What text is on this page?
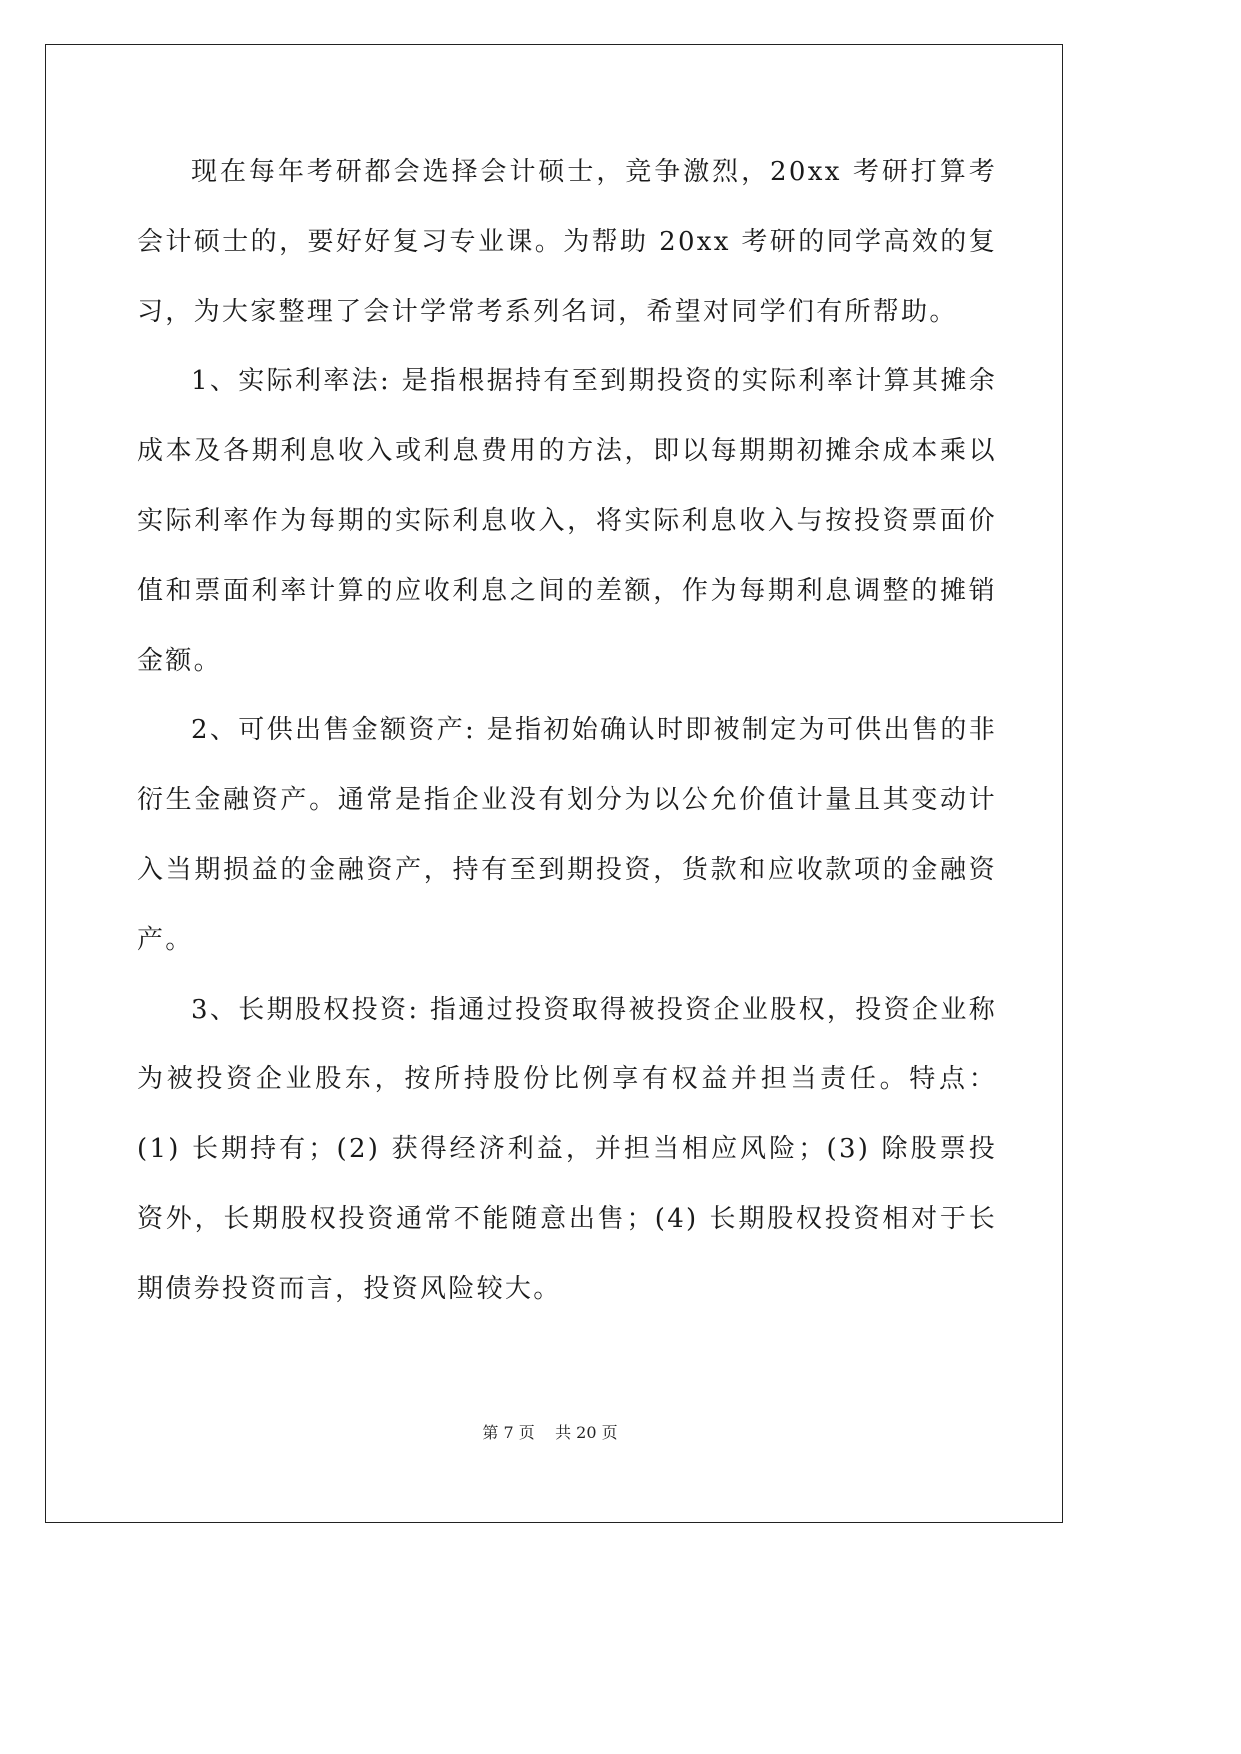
现在每年考研都会选择会计硕士，竞争激烈，20xx 考研打算考会计硕士的，要好好复习专业课。为帮助 20xx 考研的同学高效的复习，为大家整理了会计学常考系列名词，希望对同学们有所帮助。

1、实际利率法: 是指根据持有至到期投资的实际利率计算其摊余成本及各期利息收入或利息费用的方法，即以每期期初摊余成本乘以实际利率作为每期的实际利息收入，将实际利息收入与按投资票面价值和票面利率计算的应收利息之间的差额，作为每期利息调整的摊销金额。

2、可供出售金额资产: 是指初始确认时即被制定为可供出售的非衍生金融资产。通常是指企业没有划分为以公允价值计量且其变动计入当期损益的金融资产，持有至到期投资，货款和应收款项的金融资产。

3、长期股权投资: 指通过投资取得被投资企业股权，投资企业称为被投资企业股东，按所持股份比例享有权益并担当责任。特点：(1) 长期持有；(2) 获得经济利益，并担当相应风险；(3) 除股票投资外，长期股权投资通常不能随意出售；(4) 长期股权投资相对于长期债券投资而言，投资风险较大。

第 7 页    共 20 页
